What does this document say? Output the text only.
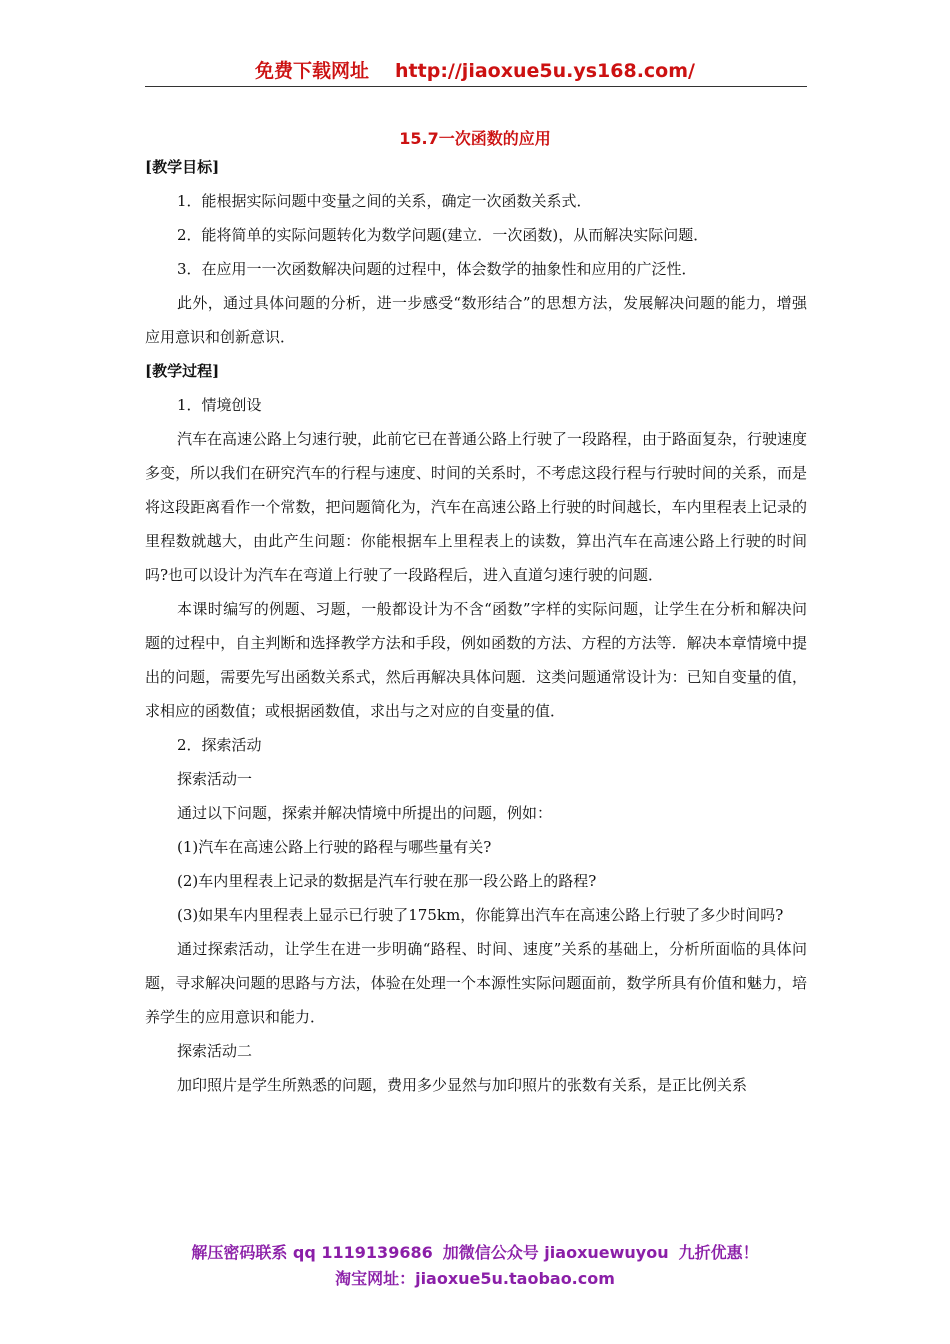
免费下载网址 http://jiaoxue5u.ys168.com/
15.7一次函数的应用

[教学目标]

1．能根据实际问题中变量之间的关系，确定一次函数关系式．

2．能将简单的实际问题转化为数学问题(建立．一次函数)，从而解决实际问题．

3．在应用一一次函数解决问题的过程中，体会数学的抽象性和应用的广泛性．

此外，通过具体问题的分析，进一步感受“数形结合”的思想方法，发展解决问题的能力，增强应用意识和创新意识．

[教学过程]

1．情境创设

汽车在高速公路上匀速行驶，此前它已在普通公路上行驶了一段路程，由于路面复杂，行驶速度多变，所以我们在研究汽车的行程与速度、时间的关系时，不考虑这段行程与行驶时间的关系，而是将这段距离看作一个常数，把问题简化为，汽车在高速公路上行驶的时间越长，车内里程表上记录的里程数就越大，由此产生问题：你能根据车上里程表上的读数，算出汽车在高速公路上行驶的时间吗?也可以设计为汽车在弯道上行驶了一段路程后，进入直道匀速行驶的问题．

本课时编写的例题、习题，一般都设计为不含“函数”字样的实际问题，让学生在分析和解决问题的过程中，自主判断和选择教学方法和手段，例如函数的方法、方程的方法等．解决本章情境中提出的问题，需要先写出函数关系式，然后再解决具体问题．这类问题通常设计为：已知自变量的值，求相应的函数值；或根据函数值，求出与之对应的自变量的值．

2．探索活动

探索活动一

通过以下问题，探索并解决情境中所提出的问题，例如：

(1)汽车在高速公路上行驶的路程与哪些量有关?

(2)车内里程表上记录的数据是汽车行驶在那一段公路上的路程?

(3)如果车内里程表上显示已行驶了175km，你能算出汽车在高速公路上行驶了多少时间吗?

通过探索活动，让学生在进一步明确“路程、时间、速度”关系的基础上，分析所面临的具体问题，寻求解决问题的思路与方法，体验在处理一个本源性实际问题面前，数学所具有价值和魅力，培养学生的应用意识和能力．

探索活动二

加印照片是学生所熟悉的问题，费用多少显然与加印照片的张数有关系，是正比例关系

解压密码联系 qq 1119139686 加微信公众号 jiaoxuewuyou 九折优惠！
淘宝网址：jiaoxue5u.taobao.com
